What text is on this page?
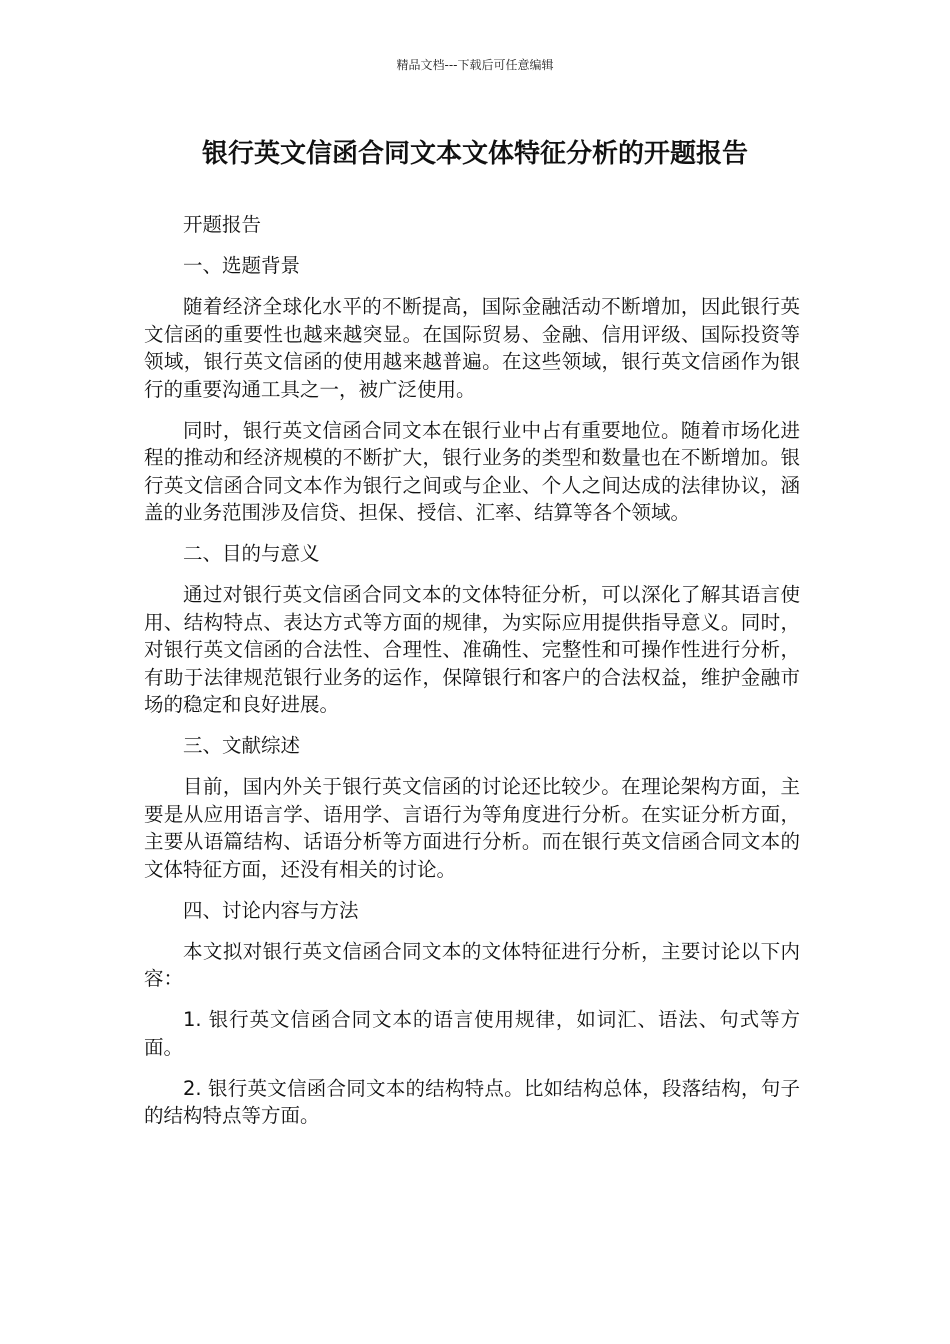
精品文档---下载后可任意编辑
银行英文信函合同文本文体特征分析的开题报告

开题报告

一、选题背景

随着经济全球化水平的不断提高，国际金融活动不断增加，因此银行英文信函的重要性也越来越突显。在国际贸易、金融、信用评级、国际投资等领域，银行英文信函的使用越来越普遍。在这些领域，银行英文信函作为银行的重要沟通工具之一，被广泛使用。

同时，银行英文信函合同文本在银行业中占有重要地位。随着市场化进程的推动和经济规模的不断扩大，银行业务的类型和数量也在不断增加。银行英文信函合同文本作为银行之间或与企业、个人之间达成的法律协议，涵盖的业务范围涉及信贷、担保、授信、汇率、结算等各个领域。

二、目的与意义

通过对银行英文信函合同文本的文体特征分析，可以深化了解其语言使用、结构特点、表达方式等方面的规律，为实际应用提供指导意义。同时，对银行英文信函的合法性、合理性、准确性、完整性和可操作性进行分析，有助于法律规范银行业务的运作，保障银行和客户的合法权益，维护金融市场的稳定和良好进展。

三、文献综述

目前，国内外关于银行英文信函的讨论还比较少。在理论架构方面，主要是从应用语言学、语用学、言语行为等角度进行分析。在实证分析方面，主要从语篇结构、话语分析等方面进行分析。而在银行英文信函合同文本的文体特征方面，还没有相关的讨论。

四、讨论内容与方法

本文拟对银行英文信函合同文本的文体特征进行分析，主要讨论以下内容：

1. 银行英文信函合同文本的语言使用规律，如词汇、语法、句式等方面。

2. 银行英文信函合同文本的结构特点。比如结构总体，段落结构，句子的结构特点等方面。
